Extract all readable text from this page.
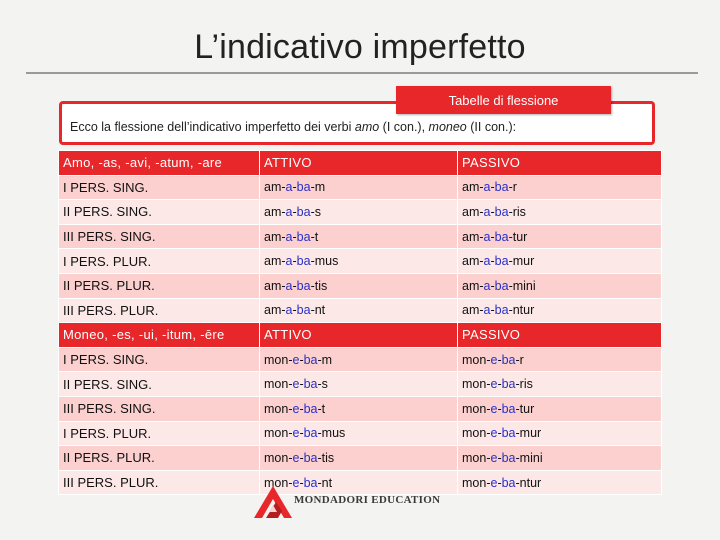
L’indicativo imperfetto
Ecco la flessione dell’indicativo imperfetto dei verbi amo (I con.), moneo (II con.):
Tabelle di flessione
Amo, -as, -avi, -atum, -are	ATTIVO	PASSIVO
I PERS. SING.	am-a-ba-m	am-a-ba-r
II PERS. SING.	am-a-ba-s	am-a-ba-ris
III PERS. SING.	am-a-ba-t	am-a-ba-tur
I PERS. PLUR.	am-a-ba-mus	am-a-ba-mur
II PERS. PLUR.	am-a-ba-tis	am-a-ba-mini
III PERS. PLUR.	am-a-ba-nt	am-a-ba-ntur
Moneo, -es, -ui, -itum, -ēre	ATTIVO	PASSIVO
I PERS. SING.	mon-e-ba-m	mon-e-ba-r
II PERS. SING.	mon-e-ba-s	mon-e-ba-ris
III PERS. SING.	mon-e-ba-t	mon-e-ba-tur
I PERS. PLUR.	mon-e-ba-mus	mon-e-ba-mur
II PERS. PLUR.	mon-e-ba-tis	mon-e-ba-mini
III PERS. PLUR.	mon-e-ba-nt	mon-e-ba-ntur
MONDADORI EDUCATION
